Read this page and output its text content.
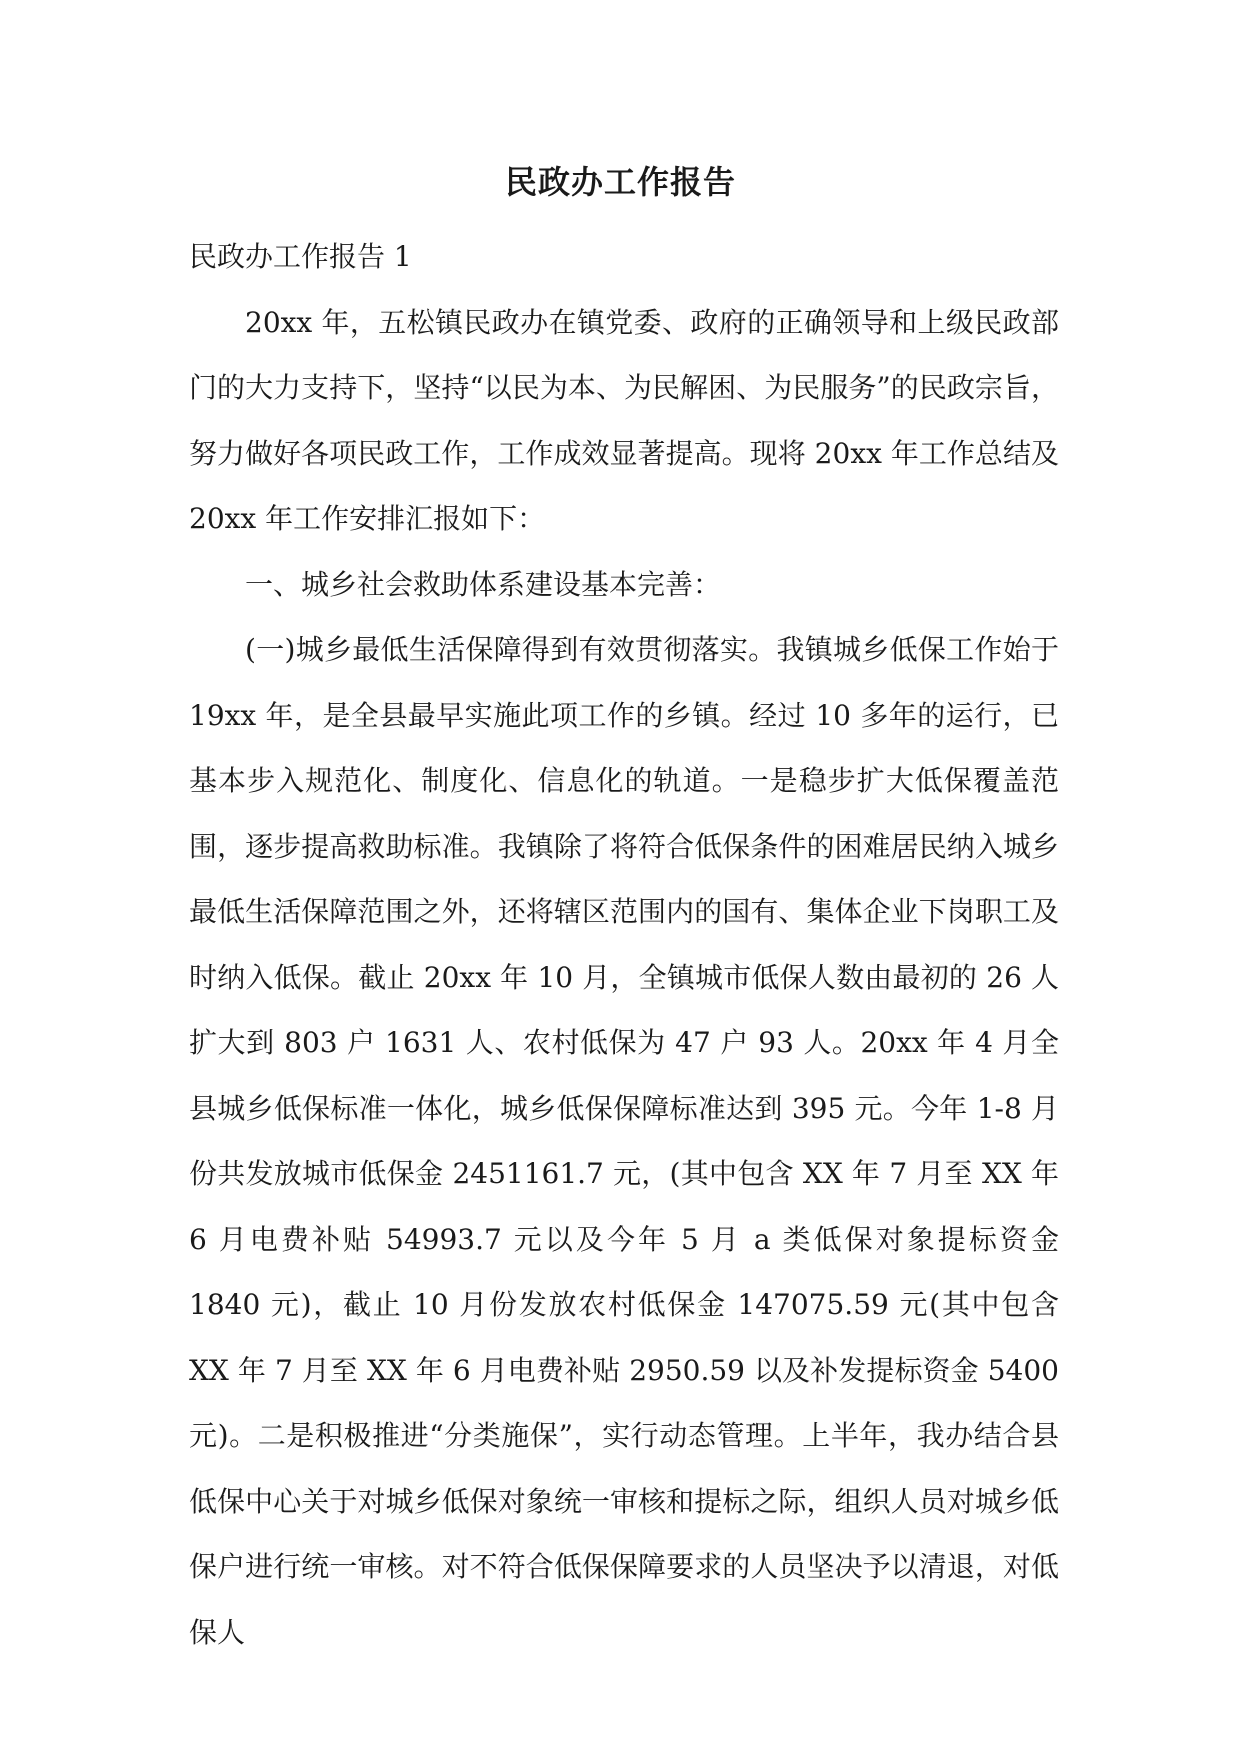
民政办工作报告

民政办工作报告 1

20xx 年，五松镇民政办在镇党委、政府的正确领导和上级民政部门的大力支持下，坚持“以民为本、为民解困、为民服务”的民政宗旨，努力做好各项民政工作，工作成效显著提高。现将 20xx 年工作总结及 20xx 年工作安排汇报如下：

一、城乡社会救助体系建设基本完善：

(一)城乡最低生活保障得到有效贯彻落实。我镇城乡低保工作始于 19xx 年，是全县最早实施此项工作的乡镇。经过 10 多年的运行，已基本步入规范化、制度化、信息化的轨道。一是稳步扩大低保覆盖范围，逐步提高救助标准。我镇除了将符合低保条件的困难居民纳入城乡最低生活保障范围之外，还将辖区范围内的国有、集体企业下岗职工及时纳入低保。截止 20xx 年 10 月，全镇城市低保人数由最初的 26 人扩大到 803 户 1631 人、农村低保为 47 户 93 人。20xx 年 4 月全县城乡低保标准一体化，城乡低保保障标准达到 395 元。今年 1-8 月份共发放城市低保金 2451161.7 元，(其中包含 XX 年 7 月至 XX 年 6 月电费补贴 54993.7 元以及今年 5 月 a 类低保对象提标资金 1840 元)，截止 10 月份发放农村低保金 147075.59 元(其中包含 XX 年 7 月至 XX 年 6 月电费补贴 2950.59 以及补发提标资金 5400 元)。二是积极推进“分类施保”，实行动态管理。上半年，我办结合县低保中心关于对城乡低保对象统一审核和提标之际，组织人员对城乡低保户进行统一审核。对不符合低保保障要求的人员坚决予以清退，对低保人
